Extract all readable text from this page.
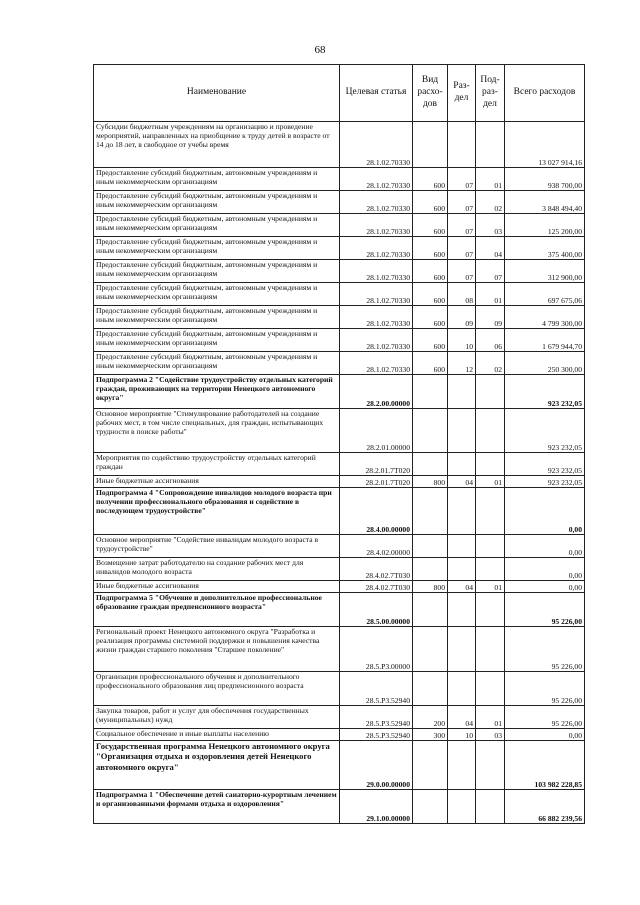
68
Наименование	Целевая статья	Вид расхо-дов	Раз-дел	Под-раз-дел	Всего расходов
Субсидии бюджетным учреждениям на организацию и проведение мероприятий, направленных на приобщение к труду детей в возрасте от 14 до 18 лет, в свободное от учебы время	28.1.02.70330				13 027 914,16
Предоставление субсидий бюджетным, автономным учреждениям и иным некоммерческим организациям	28.1.02.70330	600	07	01	938 700,00
Предоставление субсидий бюджетным, автономным учреждениям и иным некоммерческим организациям	28.1.02.70330	600	07	02	3 848 494,40
Предоставление субсидий бюджетным, автономным учреждениям и иным некоммерческим организациям	28.1.02.70330	600	07	03	125 200,00
Предоставление субсидий бюджетным, автономным учреждениям и иным некоммерческим организациям	28.1.02.70330	600	07	04	375 400,00
Предоставление субсидий бюджетным, автономным учреждениям и иным некоммерческим организациям	28.1.02.70330	600	07	07	312 900,00
Предоставление субсидий бюджетным, автономным учреждениям и иным некоммерческим организациям	28.1.02.70330	600	08	01	697 675,06
Предоставление субсидий бюджетным, автономным учреждениям и иным некоммерческим организациям	28.1.02.70330	600	09	09	4 799 300,00
Предоставление субсидий бюджетным, автономным учреждениям и иным некоммерческим организациям	28.1.02.70330	600	10	06	1 679 944,70
Предоставление субсидий бюджетным, автономным учреждениям и иным некоммерческим организациям	28.1.02.70330	600	12	02	250 300,00
Подпрограмма 2 "Содействие трудоустройству отдельных категорий граждан, проживающих на территории Ненецкого автономного округа"	28.2.00.00000				923 232,05
Основное мероприятие "Стимулирование работодателей на создание рабочих мест, в том числе специальных, для граждан, испытывающих трудности в поиске работы"	28.2.01.00000				923 232,05
Мероприятия по содействию трудоустройству отдельных категорий граждан	28.2.01.7Т020				923 232,05
Иные бюджетные ассигнования	28.2.01.7Т020	800	04	01	923 232,05
Подпрограмма 4 "Сопровождение инвалидов молодого возраста при получении профессионального образования и содействие в последующем трудоустройстве"	28.4.00.00000				0,00
Основное мероприятие "Содействие инвалидам молодого возраста в трудоустройстве"	28.4.02.00000				0,00
Возмещение затрат работодателю на создание рабочих мест для инвалидов молодого возраста	28.4.02.7Т030				0,00
Иные бюджетные ассигнования	28.4.02.7Т030	800	04	01	0,00
Подпрограмма 5 "Обучение и дополнительное профессиональное образование граждан предпенсионного возраста"	28.5.00.00000				95 226,00
Региональный проект Ненецкого автономного округа "Разработка и реализация программы системной поддержки и повышения качества жизни граждан старшего поколения "Старшее поколение"	28.5.P3.00000				95 226,00
Организация профессионального обучения и дополнительного профессионального образования лиц предпенсионного возраста	28.5.P3.52940				95 226,00
Закупка товаров, работ и услуг для обеспечения государственных (муниципальных) нужд	28.5.P3.52940	200	04	01	95 226,00
Социальное обеспечение и иные выплаты населению	28.5.P3.52940	300	10	03	0,00
Государственная программа Ненецкого автономного округа "Организация отдыха и оздоровления детей Ненецкого автономного округа"	29.0.00.00000				103 982 228,85
Подпрограмма 1 "Обеспечение детей санаторно-курортным лечением и организованными формами отдыха и оздоровления"	29.1.00.00000				66 882 239,56
